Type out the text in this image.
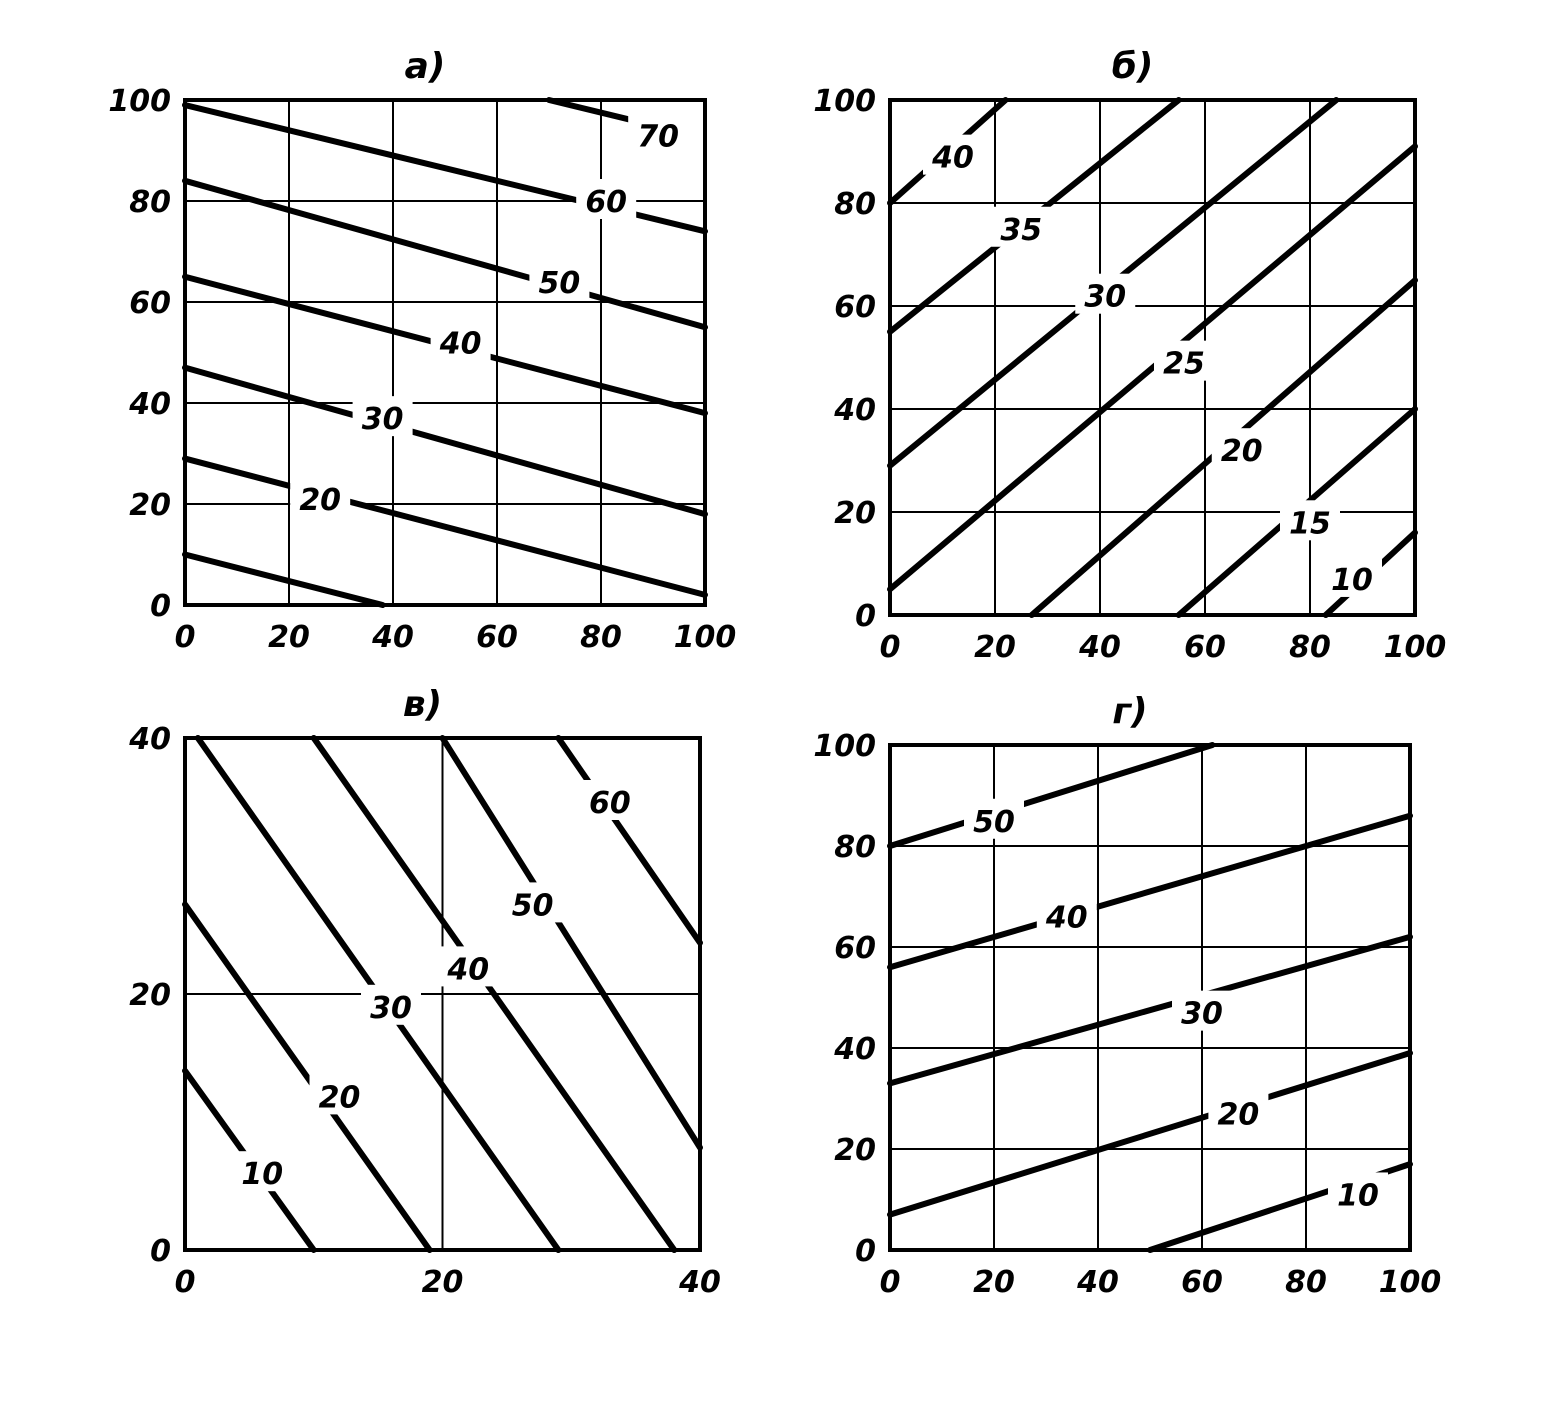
a)
0 20 40 60 80 100
0
20
40
60
80
100
20
30
40
50
60
70
б)
0 20 40 60 80 100
0
20
40
60
80
100
40
35
30
25
20
15
10
в)
0	20	40
0
20
40
10
20
30
40
50
60
г)
0 20 40 60 80 100
0
20
40
60
80
100
10
20
30
40
50
